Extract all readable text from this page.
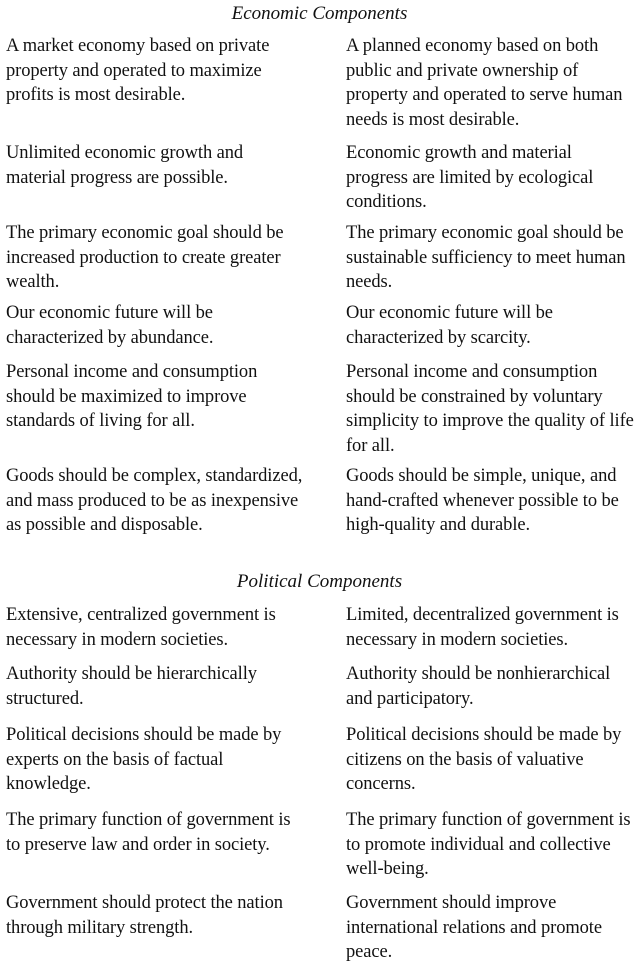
Economic Components
A market economy based on private property and operated to maximize profits is most desirable.
A planned economy based on both public and private ownership of property and operated to serve human needs is most desirable.
Unlimited economic growth and material progress are possible.
Economic growth and material progress are limited by ecological conditions.
The primary economic goal should be increased production to create greater wealth.
The primary economic goal should be sustainable sufficiency to meet human needs.
Our economic future will be characterized by abundance.
Our economic future will be characterized by scarcity.
Personal income and consumption should be maximized to improve standards of living for all.
Personal income and consumption should be constrained by voluntary simplicity to improve the quality of life for all.
Goods should be complex, standardized, and mass produced to be as inexpensive as possible and disposable.
Goods should be simple, unique, and hand-crafted whenever possible to be high-quality and durable.
Political Components
Extensive, centralized government is necessary in modern societies.
Limited, decentralized government is necessary in modern societies.
Authority should be hierarchically structured.
Authority should be nonhierarchical and participatory.
Political decisions should be made by experts on the basis of factual knowledge.
Political decisions should be made by citizens on the basis of valuative concerns.
The primary function of government is to preserve law and order in society.
The primary function of government is to promote individual and collective well-being.
Government should protect the nation through military strength.
Government should improve international relations and promote peace.
